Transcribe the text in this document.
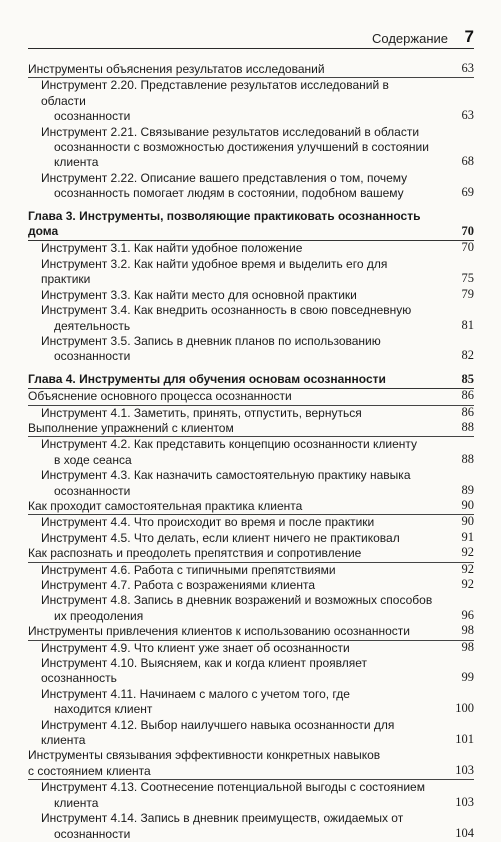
Содержание 7
Инструменты объяснения результатов исследований	63
Инструмент 2.20. Представление результатов исследований в области
осознанности	63
Инструмент 2.21. Связывание результатов исследований в области
осознанности с возможностью достижения улучшений в состоянии
клиента	68
Инструмент 2.22. Описание вашего представления о том, почему
осознанность помогает людям в состоянии, подобном вашему	69
Глава 3. Инструменты, позволяющие практиковать осознанность дома	70
Инструмент 3.1. Как найти удобное положение	70
Инструмент 3.2. Как найти удобное время и выделить его для практики	75
Инструмент 3.3. Как найти место для основной практики	79
Инструмент 3.4. Как внедрить осознанность в свою повседневную
деятельность	81
Инструмент 3.5. Запись в дневник планов по использованию
осознанности	82
Глава 4. Инструменты для обучения основам осознанности	85
Объяснение основного процесса осознанности	86
Инструмент 4.1. Заметить, принять, отпустить, вернуться	86
Выполнение упражнений с клиентом	88
Инструмент 4.2. Как представить концепцию осознанности клиенту
в ходе сеанса	88
Инструмент 4.3. Как назначить самостоятельную практику навыка
осознанности	89
Как проходит самостоятельная практика клиента	90
Инструмент 4.4. Что происходит во время и после практики	90
Инструмент 4.5. Что делать, если клиент ничего не практиковал	91
Как распознать и преодолеть препятствия и сопротивление	92
Инструмент 4.6. Работа с типичными препятствиями	92
Инструмент 4.7. Работа с возражениями клиента	92
Инструмент 4.8. Запись в дневник возражений и возможных способов
их преодоления	96
Инструменты привлечения клиентов к использованию осознанности	98
Инструмент 4.9. Что клиент уже знает об осознанности	98
Инструмент 4.10. Выясняем, как и когда клиент проявляет осознанность	99
Инструмент 4.11. Начинаем с малого с учетом того, где
находится клиент	100
Инструмент 4.12. Выбор наилучшего навыка осознанности для клиента	101
Инструменты связывания эффективности конкретных навыков
с состоянием клиента	103
Инструмент 4.13. Соотнесение потенциальной выгоды с состоянием
клиента	103
Инструмент 4.14. Запись в дневник преимуществ, ожидаемых от
осознанности	104
